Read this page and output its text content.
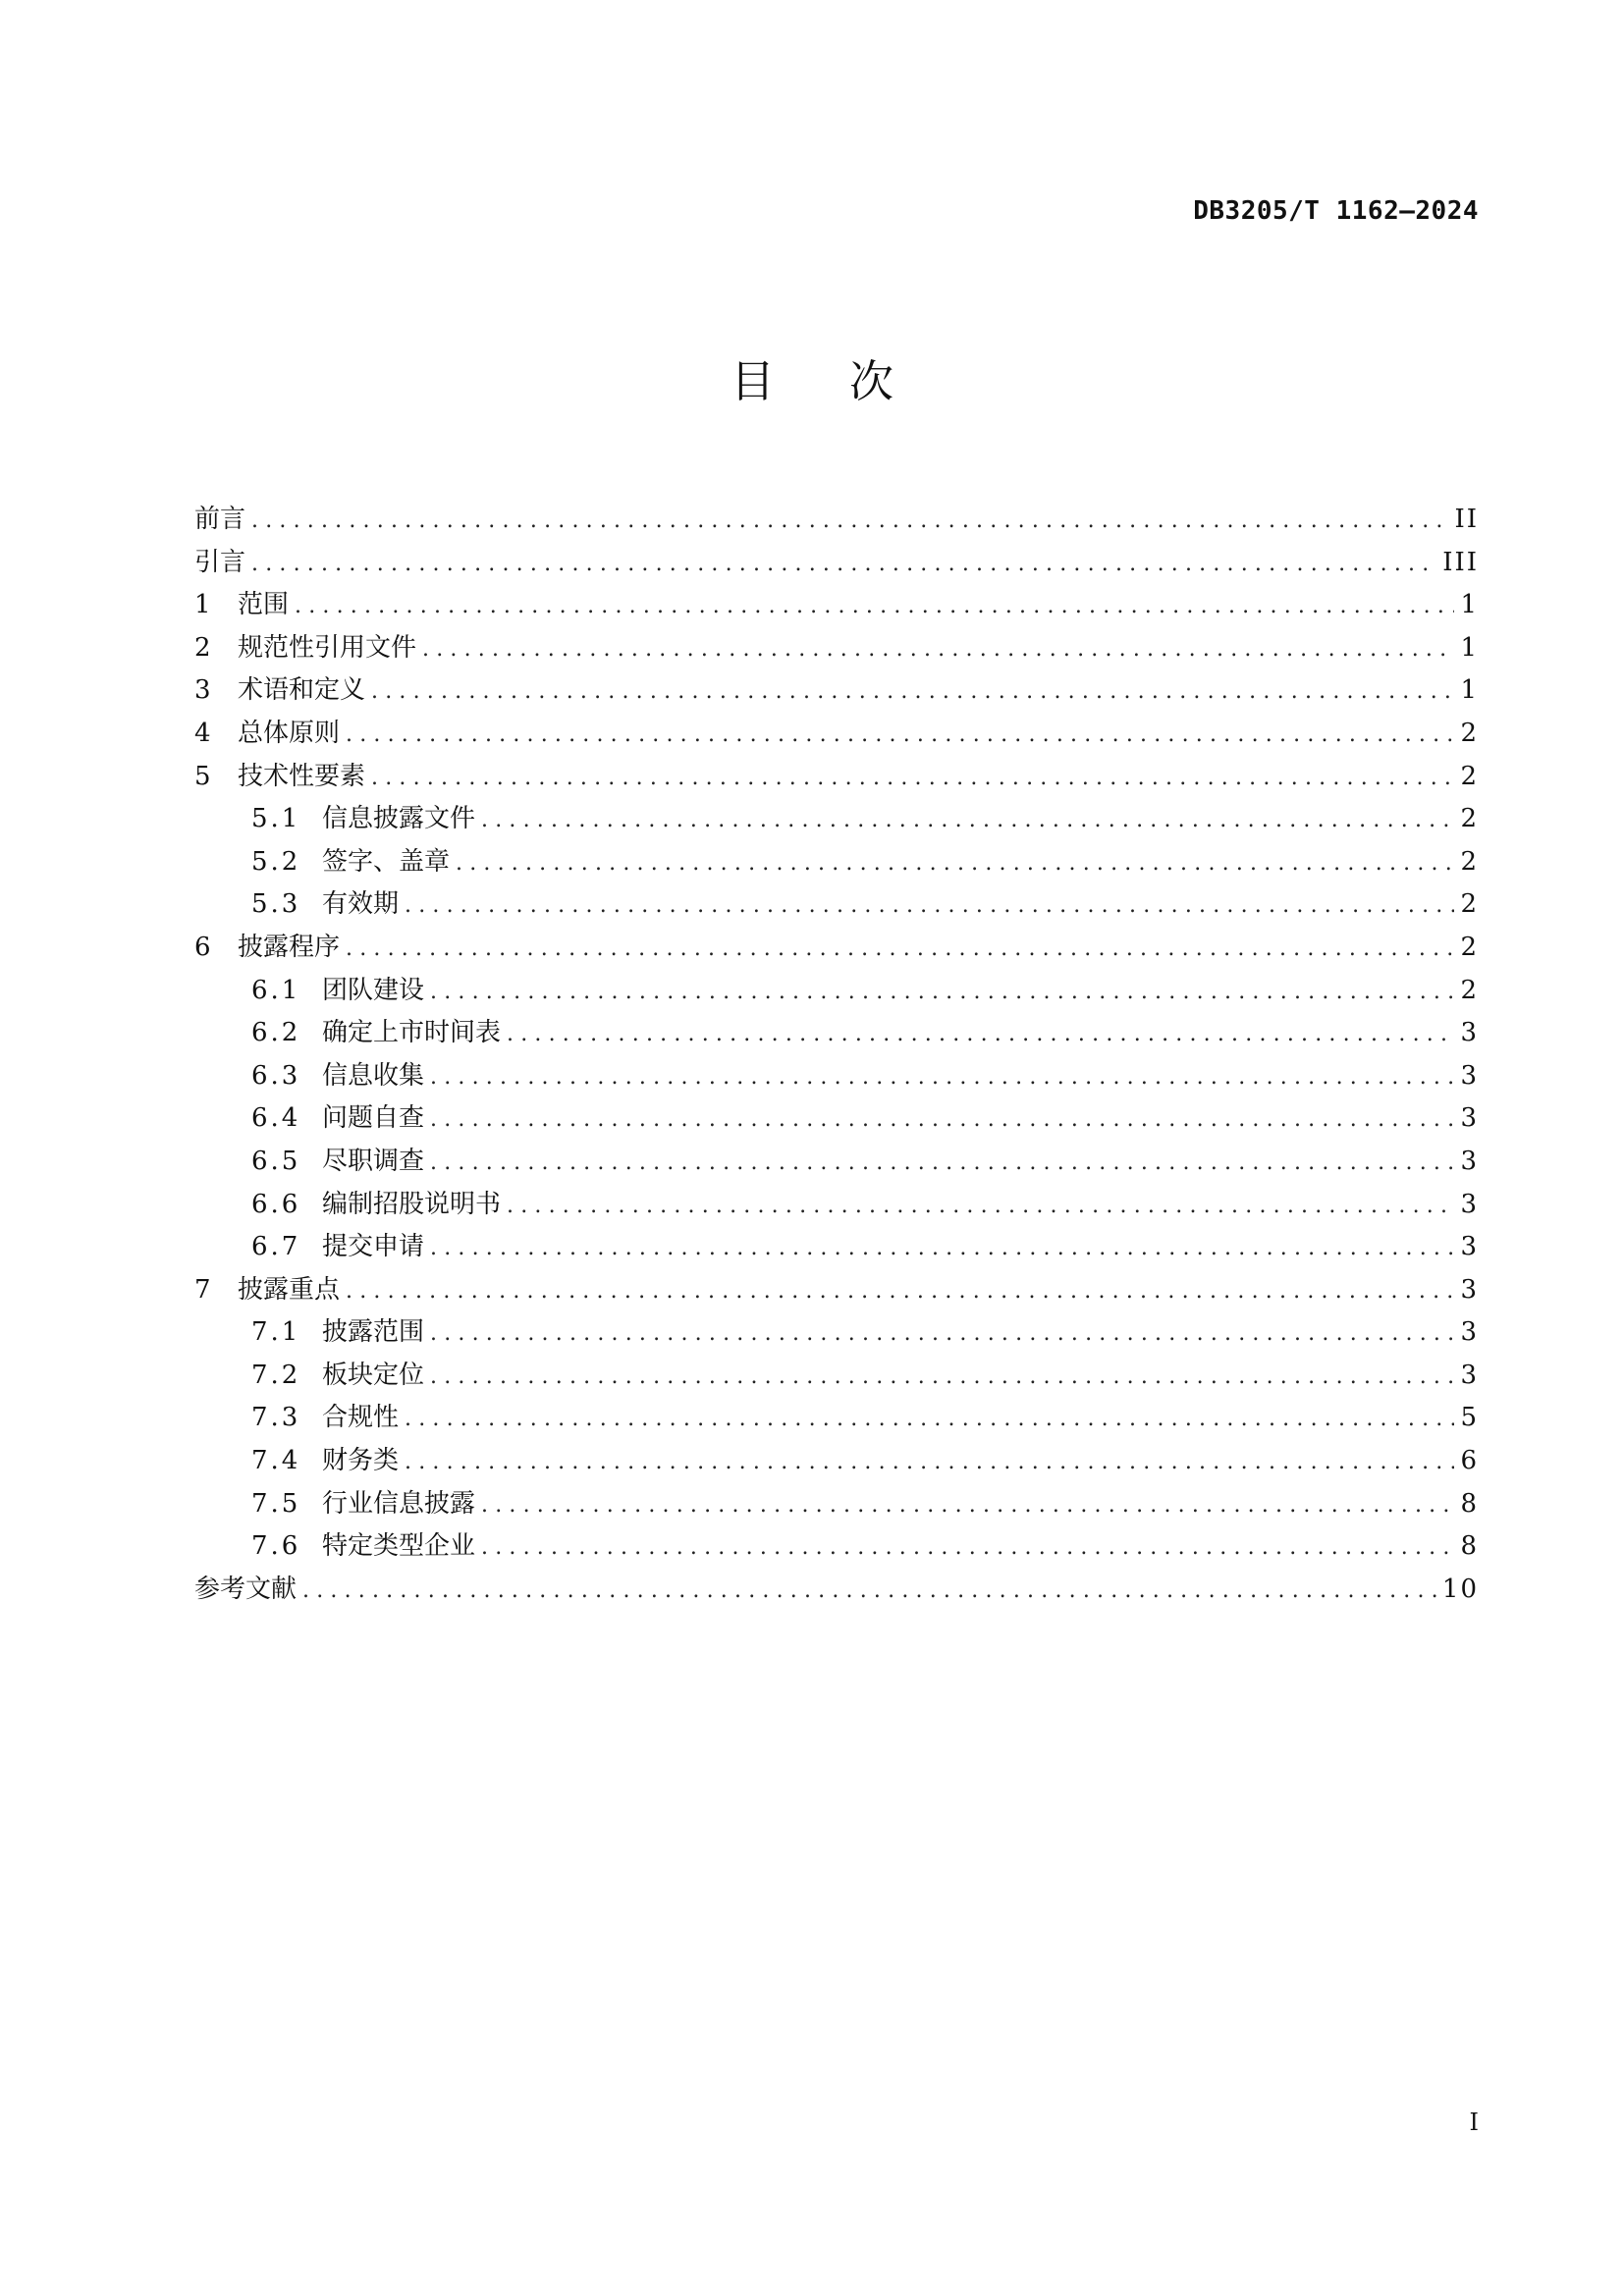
DB3205/T 1162—2024
目次
前言 .....	II
引言 .....	III
1	范围 .....	1
2	规范性引用文件 .....	1
3	术语和定义 .....	1
4	总体原则 .....	2
5	技术性要素 .....	2
5.1 信息披露文件 .....	2
5.2 签字、盖章 .....	2
5.3 有效期 .....	2
6	披露程序 .....	2
6.1 团队建设 .....	2
6.2 确定上市时间表 .....	3
6.3 信息收集 .....	3
6.4 问题自查 .....	3
6.5 尽职调查 .....	3
6.6 编制招股说明书 .....	3
6.7 提交申请 .....	3
7	披露重点 .....	3
7.1 披露范围 .....	3
7.2 板块定位 .....	3
7.3 合规性 .....	5
7.4 财务类 .....	6
7.5 行业信息披露 .....	8
7.6 特定类型企业 .....	8
参考文献 .....	10
I
